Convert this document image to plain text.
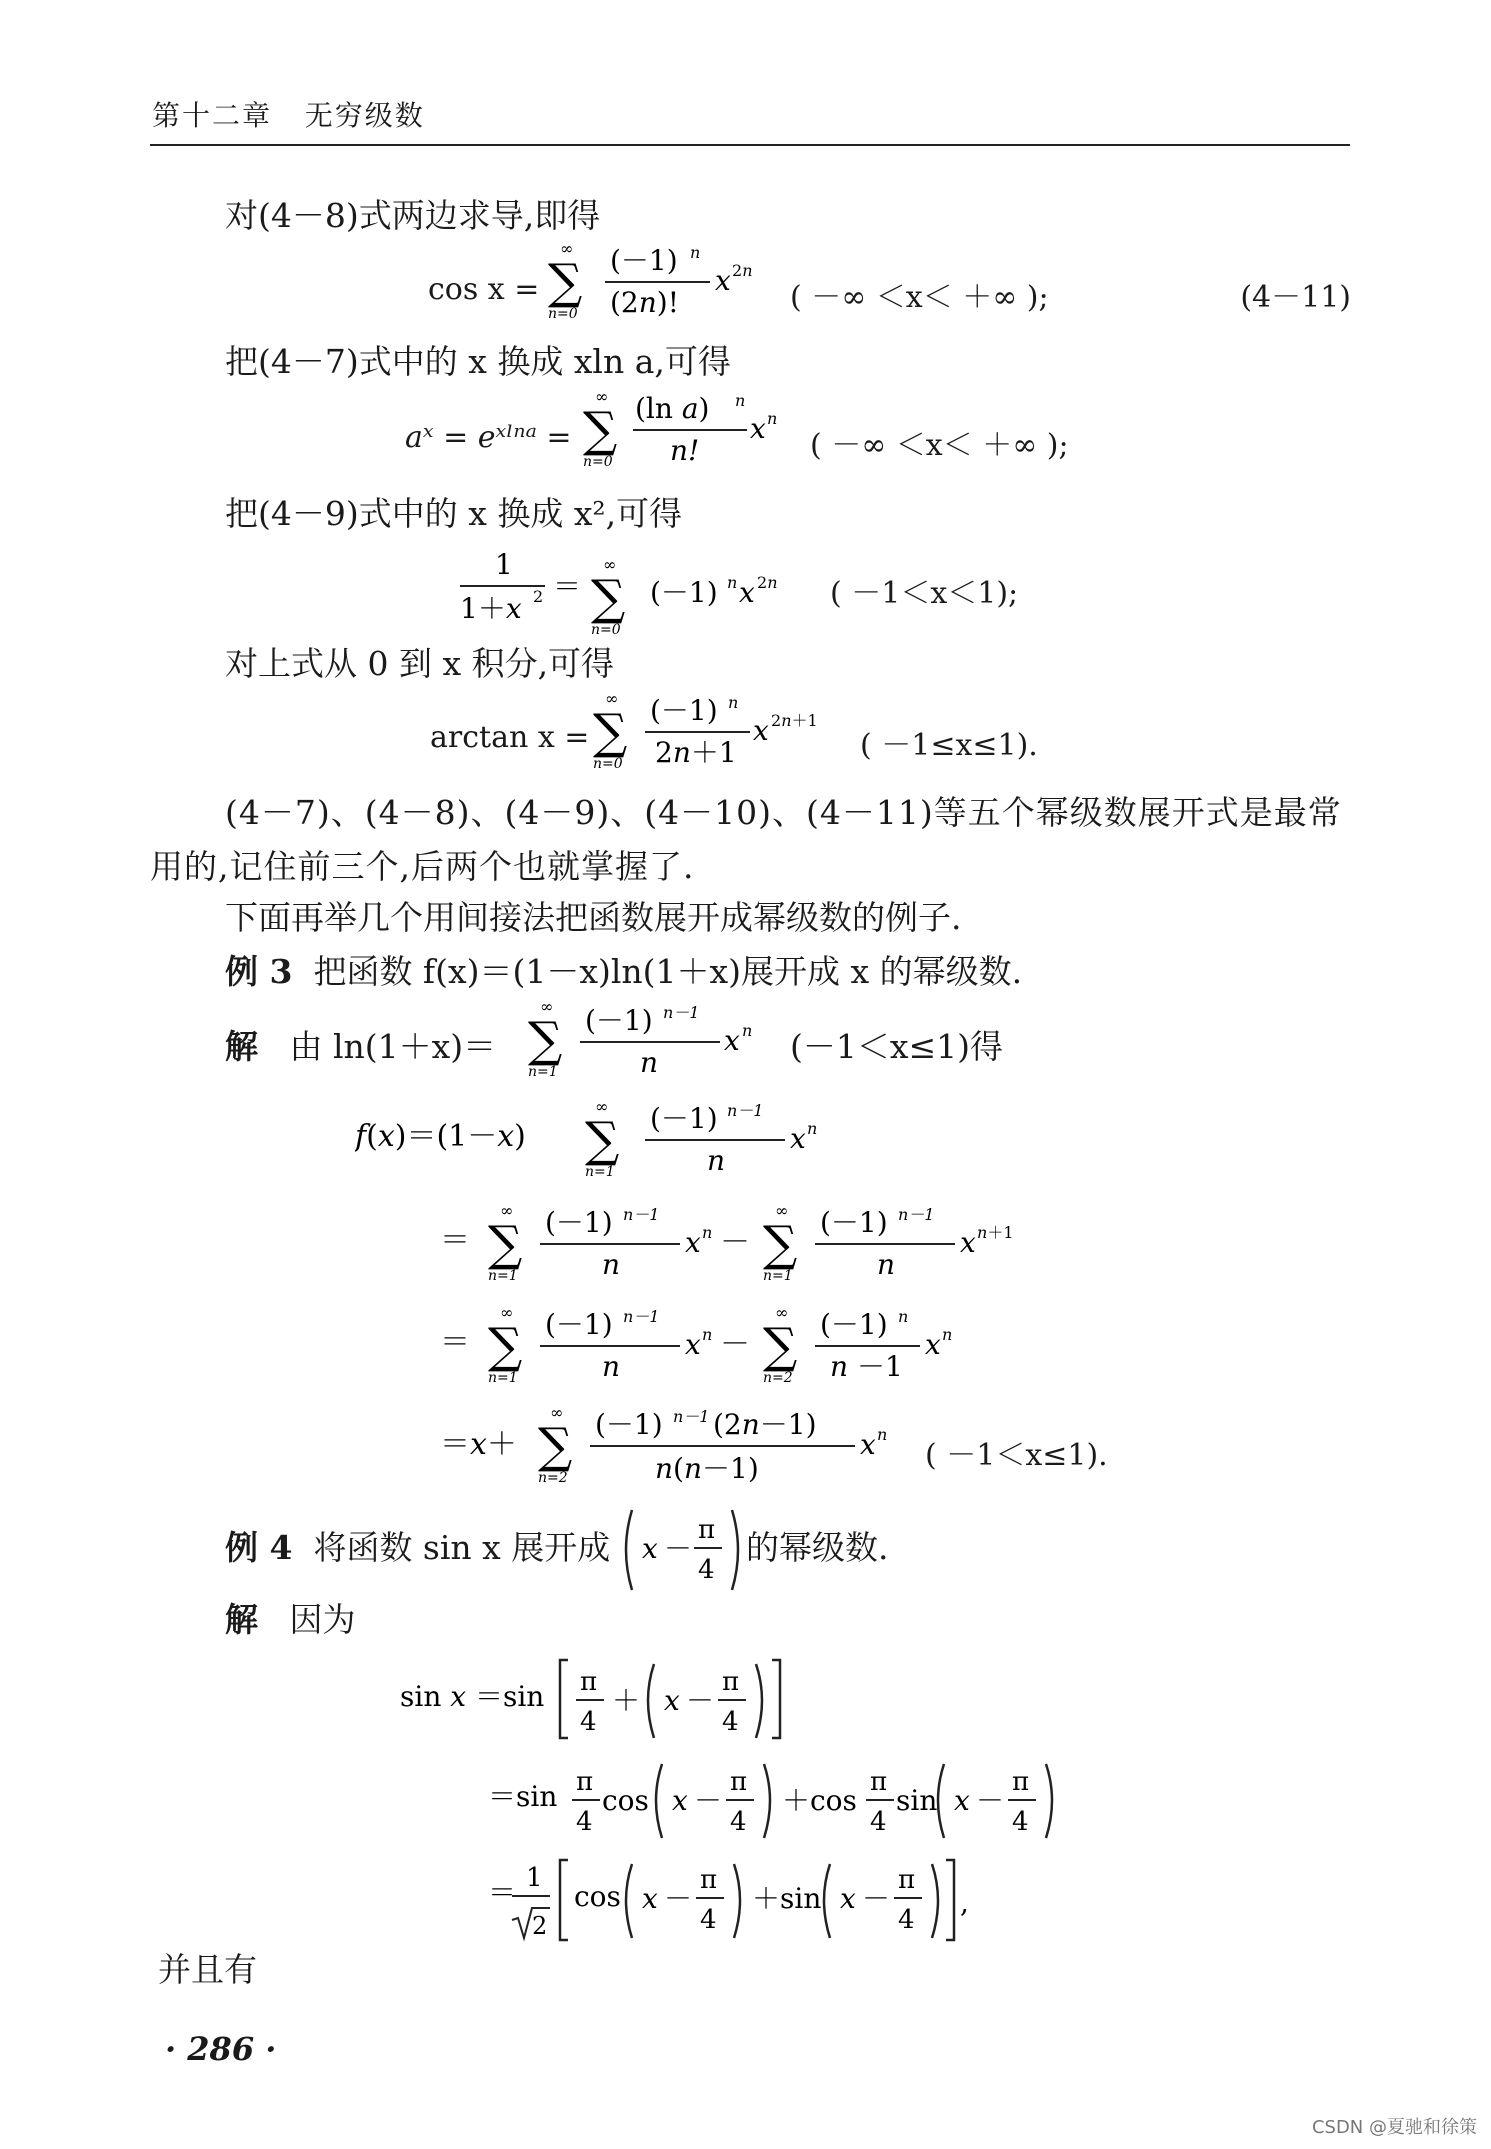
第十二章 无穷级数
对(4－8)式两边求导,即得
cos x =
∞
∑
n=0
(－1) n
(2n)!
x 2n
( －∞ ＜x＜ ＋∞ );	(4－11)
把(4－7)式中的 x 换成 xln a,可得
aˣ = eˣˡⁿᵃ =
∞
∑
n=0
(ln a) n
n!
x n
( －∞ ＜x＜ ＋∞ );
把(4－9)式中的 x 换成 x²,可得
1
1＋x 2 ＝
∞
∑
n=0
(－1) n x 2n ( －1＜x＜1);
对上式从 0 到 x 积分,可得
arctan x =
∞
∑
n=0
(－1) n
2n＋1
x 2n＋1
( －1≤x≤1).
(4－7)、(4－8)、(4－9)、(4－10)、(4－11)等五个幂级数展开式是最常用的,记住前三个,后两个也就掌握了.
下面再举几个用间接法把函数展开成幂级数的例子.
例 3 把函数 f(x)＝(1－x)ln(1＋x)展开成 x 的幂级数.
解 由 ln(1＋x)＝
∞
∑
n=1
(－1) n－1
n
x n (－1＜x≤1)得
f(x)＝(1－x)
∞
∑
n=1
(－1) n－1
n
x n
＝
∞
∑
n=1
(－1) n－1
n
x n －
∞
∑
n=1
(－1) n－1
n
x n＋1
＝
∞
∑
n=1
(－1) n－1
n
x n －
∞
∑
n=2
(－1) n
n －1
x n
＝x＋
∞
∑
n=2
(－1) n－1 (2n－1)
n(n－1)
x n
( －1＜x≤1).
例 4 将函数 sin x 展开成 x －
π
4
的幂级数.
解 因为
sin x ＝sin π
4
＋ x －
π
4
＝sin π
4
cos x －
π
4
＋cos
π
4
sin x －
π
4
＝ 1
2
cos x －
π
4
＋sin x －
π
4
,
并且有
· 286 ·
CSDN @夏驰和徐策
